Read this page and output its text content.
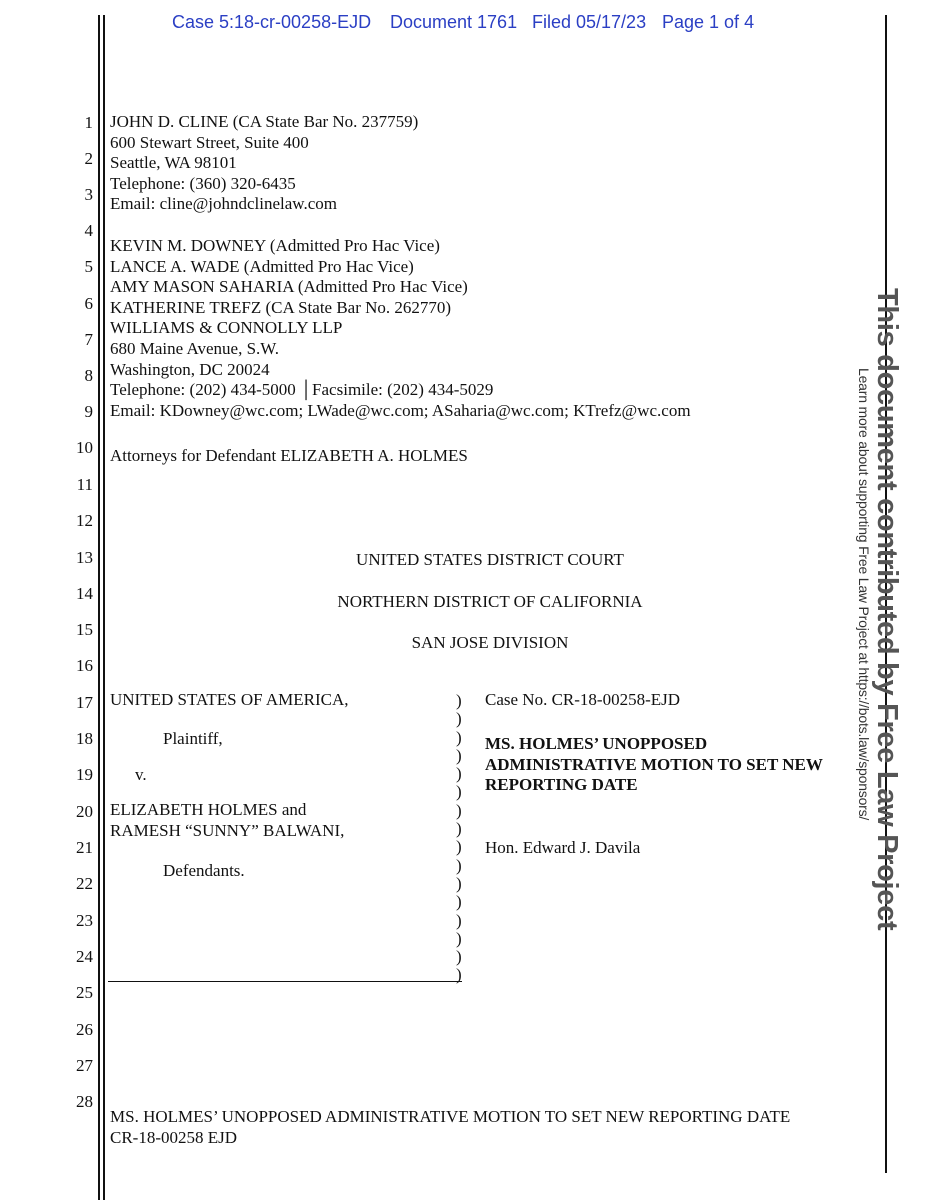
Case 5:18-cr-00258-EJD Document 1761 Filed 05/17/23 Page 1 of 4
1
2
3
4
5
6
7
8
9
10
11
12
13
14
15
16
17
18
19
20
21
22
23
24
25
26
27
28
JOHN D. CLINE (CA State Bar No. 237759)
600 Stewart Street, Suite 400
Seattle, WA 98101
Telephone: (360) 320-6435
Email: cline@johndclinelaw.com
KEVIN M. DOWNEY (Admitted Pro Hac Vice)
LANCE A. WADE (Admitted Pro Hac Vice)
AMY MASON SAHARIA (Admitted Pro Hac Vice)
KATHERINE TREFZ (CA State Bar No. 262770)
WILLIAMS & CONNOLLY LLP
680 Maine Avenue, S.W.
Washington, DC 20024
Telephone: (202) 434-5000 │Facsimile: (202) 434-5029
Email: KDowney@wc.com; LWade@wc.com; ASaharia@wc.com; KTrefz@wc.com
Attorneys for Defendant ELIZABETH A. HOLMES
UNITED STATES DISTRICT COURT
NORTHERN DISTRICT OF CALIFORNIA
SAN JOSE DIVISION
UNITED STATES OF AMERICA,
Plaintiff,
v.
ELIZABETH HOLMES and
RAMESH “SUNNY” BALWANI,
Defendants.
)
)
)
)
)
)
)
)
)
)
)
)
)
)
)
)
Case No. CR-18-00258-EJD
MS. HOLMES’ UNOPPOSED
ADMINISTRATIVE MOTION TO SET NEW
REPORTING DATE
Hon. Edward J. Davila
MS. HOLMES’ UNOPPOSED ADMINISTRATIVE MOTION TO SET NEW REPORTING DATE
CR-18-00258 EJD
This document contributed by Free Law Project
Learn more about supporting Free Law Project at https://bots.law/sponsors/
